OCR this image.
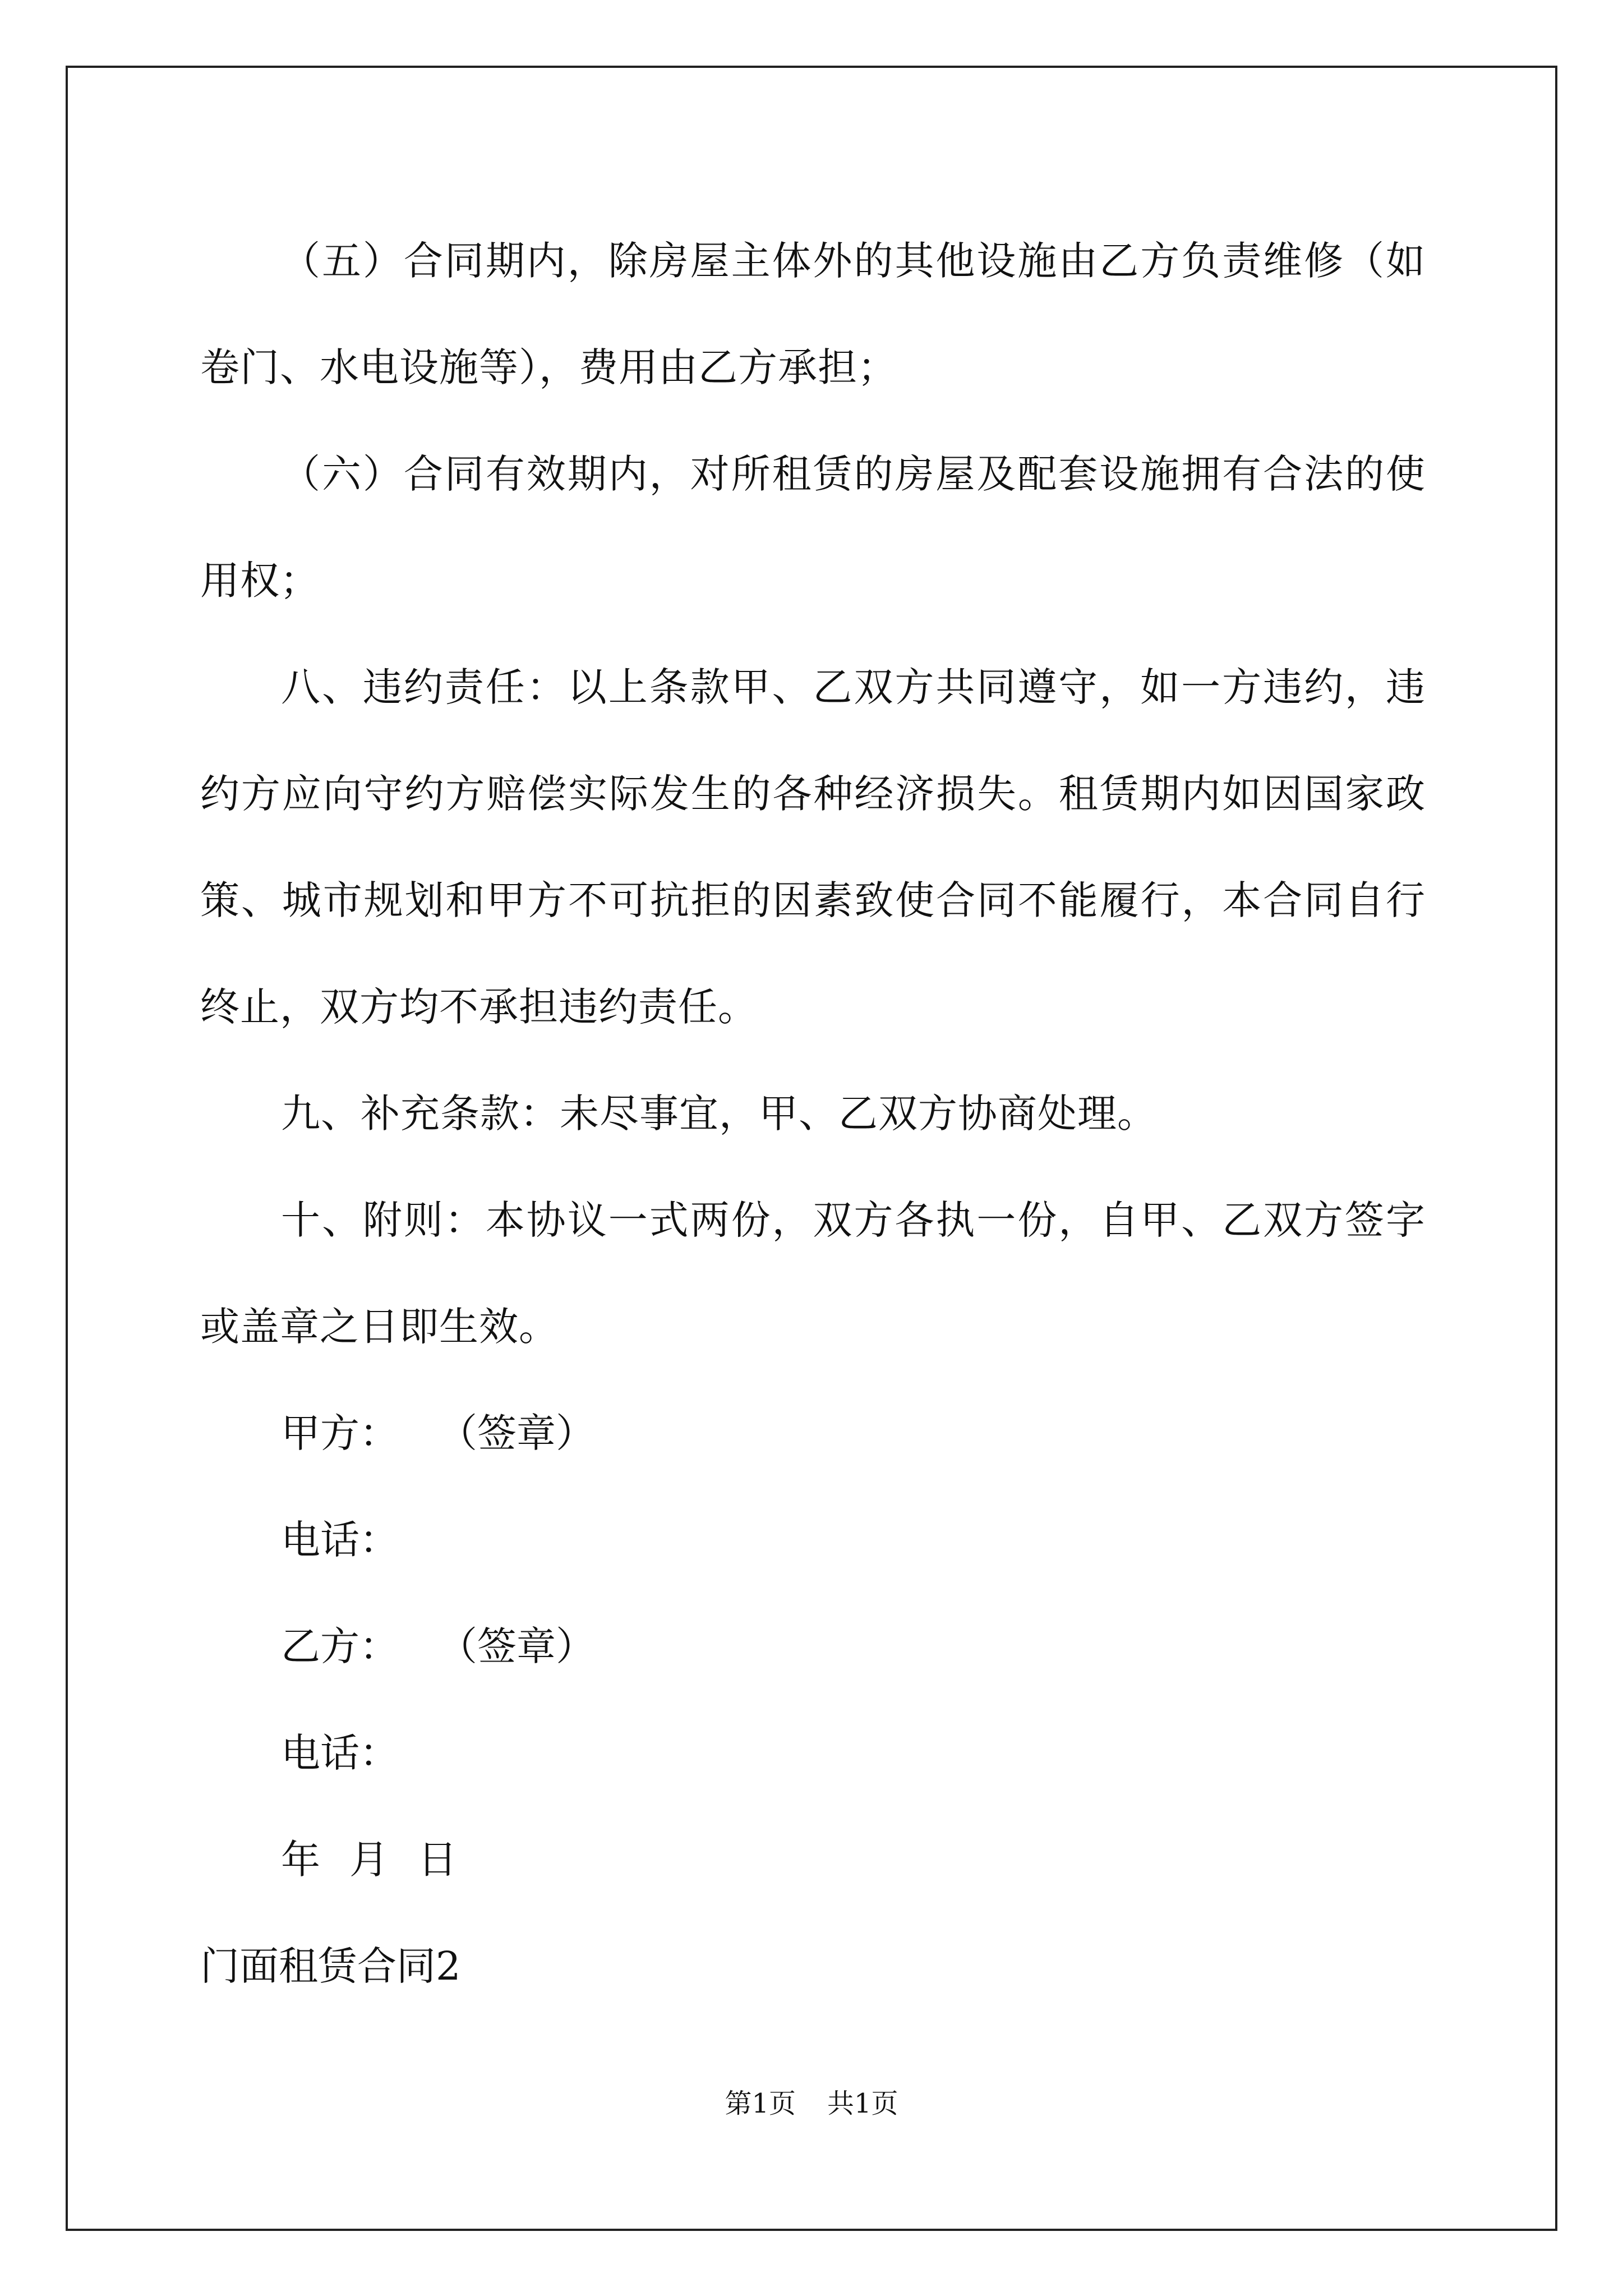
（五）合同期内，除房屋主体外的其他设施由乙方负责维修（如卷门、水电设施等），费用由乙方承担；

（六）合同有效期内，对所租赁的房屋及配套设施拥有合法的使用权；

八、违约责任：以上条款甲、乙双方共同遵守，如一方违约，违约方应向守约方赔偿实际发生的各种经济损失。租赁期内如因国家政策、城市规划和甲方不可抗拒的因素致使合同不能履行，本合同自行终止，双方均不承担违约责任。

九、补充条款：未尽事宜，甲、乙双方协商处理。

十、附则：本协议一式两份，双方各执一份，自甲、乙双方签字或盖章之日即生效。

甲方： （签章）
电话：
乙方： （签章）
电话：
年 月 日
门面租赁合同2
第1页 共1页
